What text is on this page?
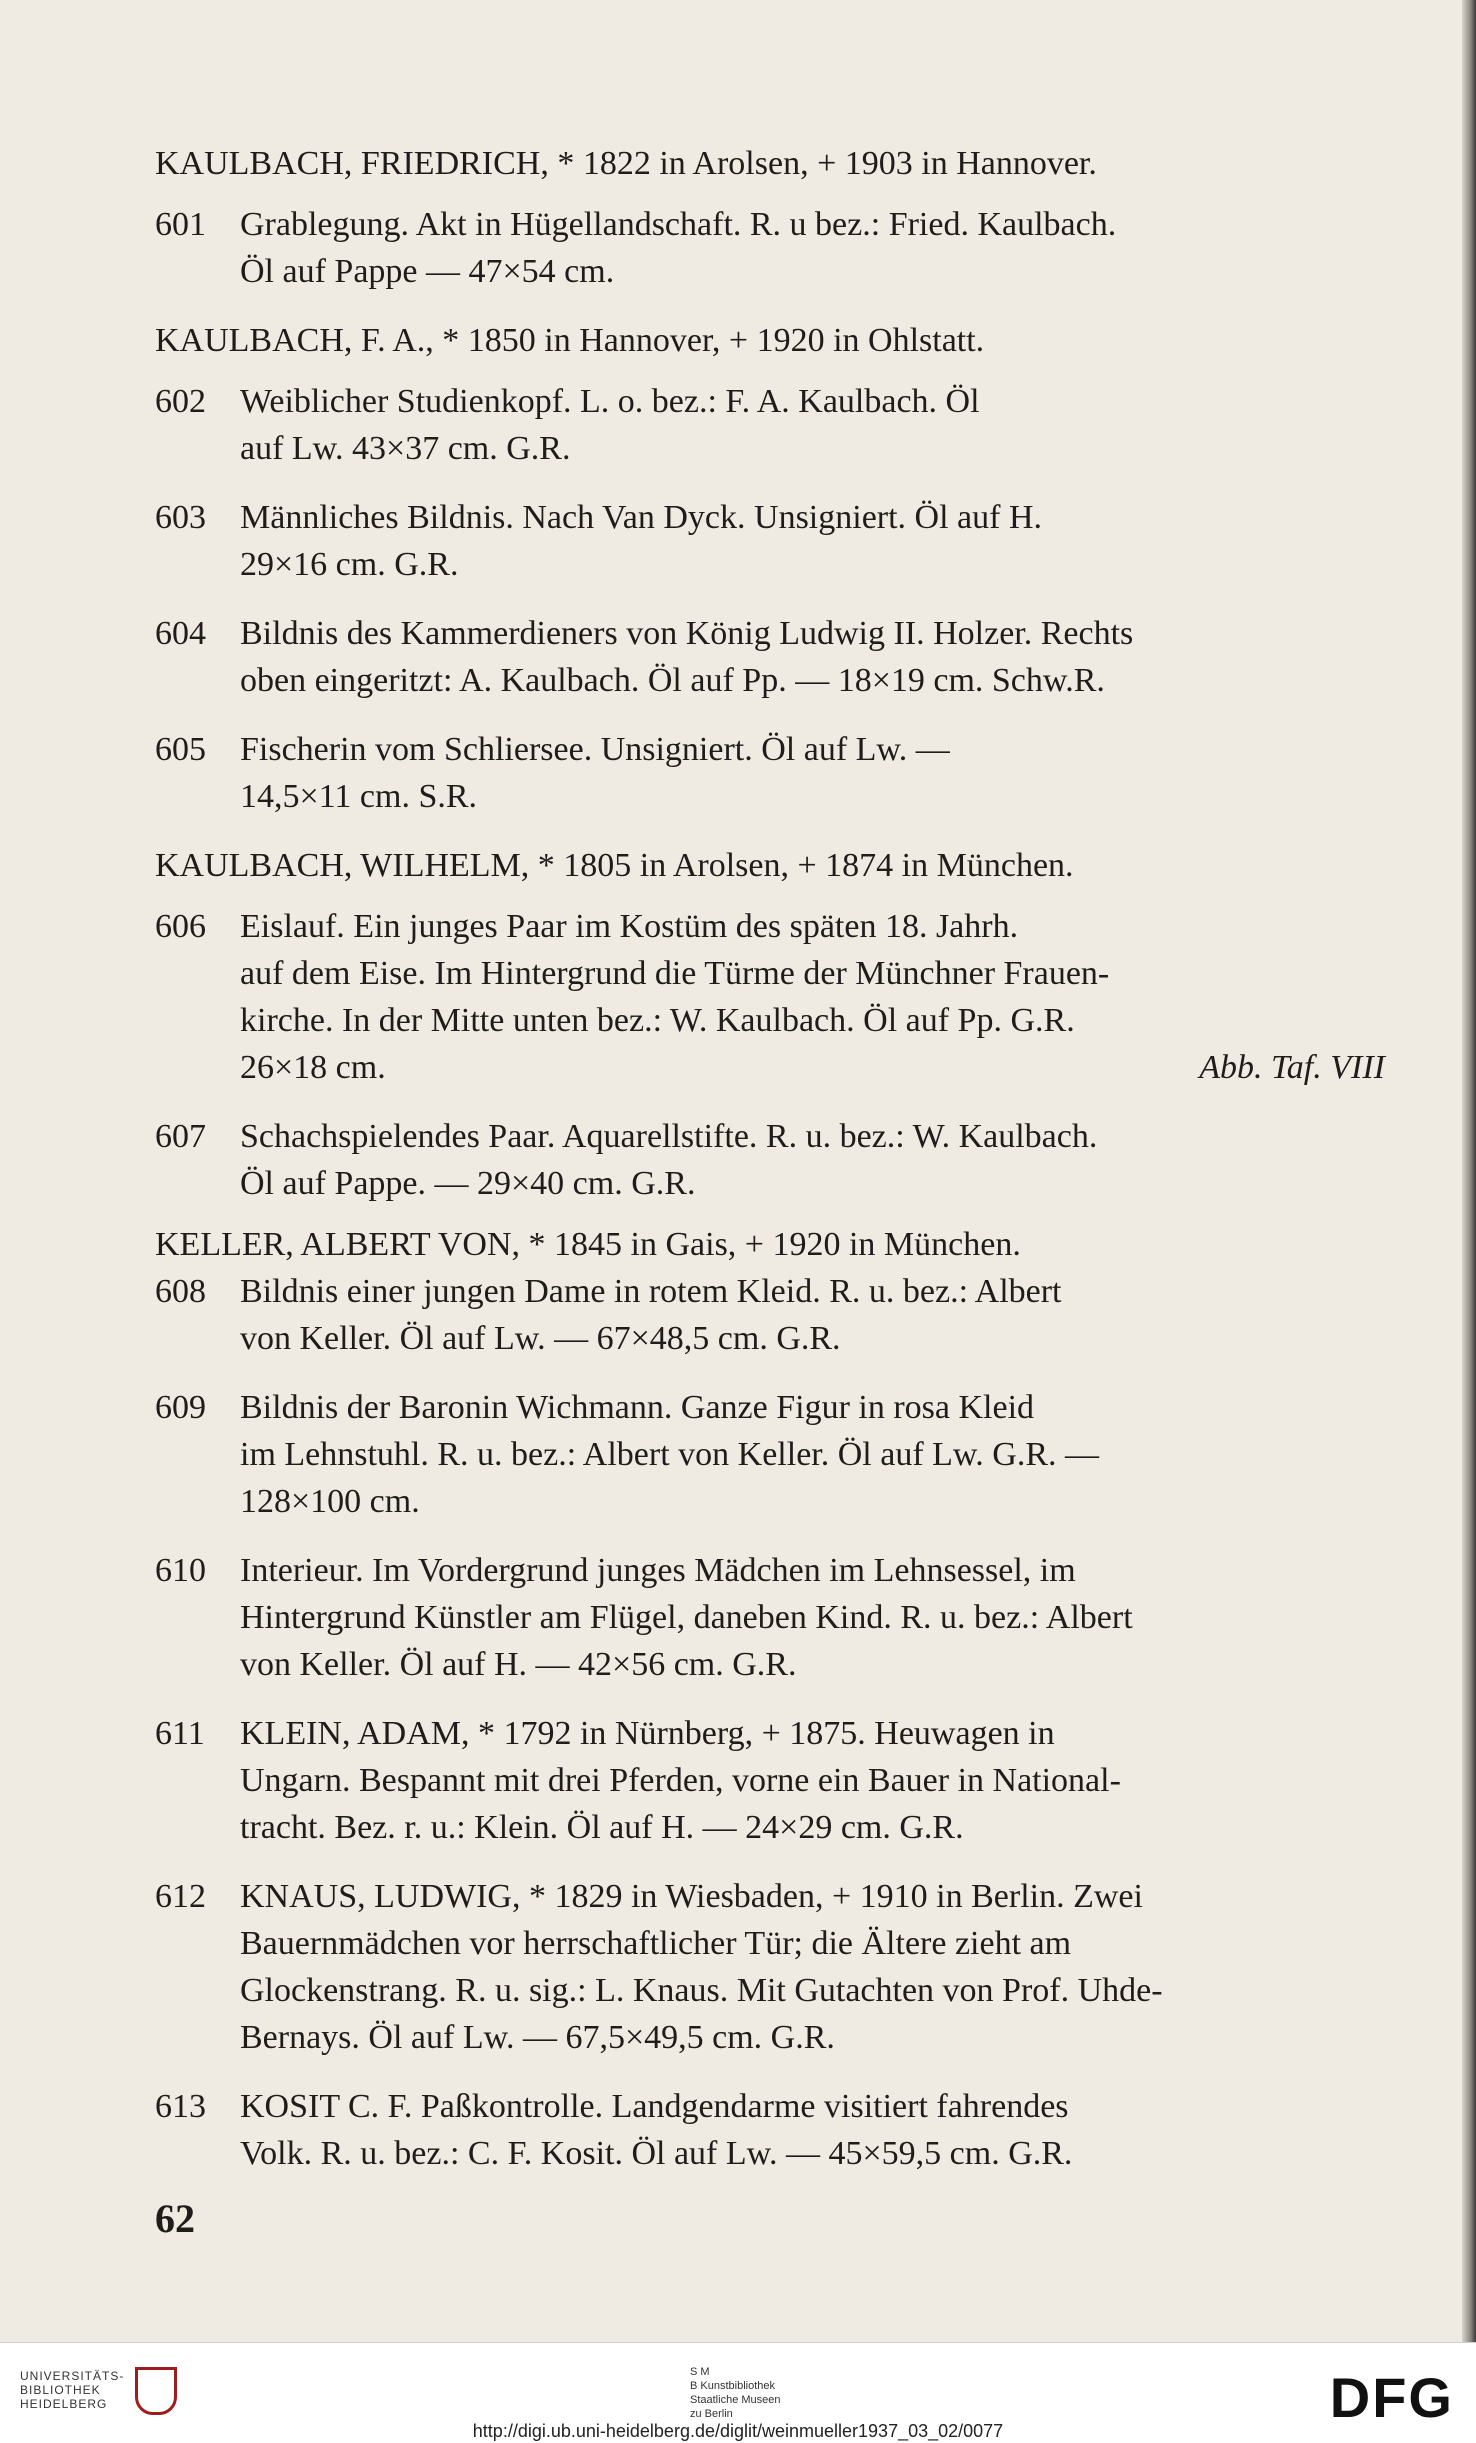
KAULBACH, FRIEDRICH, * 1822 in Arolsen, + 1903 in Hannover.
601	Grablegung. Akt in Hügellandschaft. R. u bez.: Fried. Kaulbach.
Öl auf Pappe — 47×54 cm.
KAULBACH, F. A., * 1850 in Hannover, + 1920 in Ohlstatt.
602	Weiblicher Studienkopf. L. o. bez.: F. A. Kaulbach. Öl
auf Lw. 43×37 cm. G.R.
603	Männliches Bildnis. Nach Van Dyck. Unsigniert. Öl auf H.
29×16 cm. G.R.
604	Bildnis des Kammerdieners von König Ludwig II. Holzer. Rechts
oben eingeritzt: A. Kaulbach. Öl auf Pp. — 18×19 cm. Schw.R.
605	Fischerin vom Schliersee. Unsigniert. Öl auf Lw. —
14,5×11 cm. S.R.
KAULBACH, WILHELM, * 1805 in Arolsen, + 1874 in München.
606	Eislauf. Ein junges Paar im Kostüm des späten 18. Jahrh.
auf dem Eise. Im Hintergrund die Türme der Münchner Frauen-
kirche. In der Mitte unten bez.: W. Kaulbach. Öl auf Pp. G.R.
26×18 cm.	Abb. Taf. VIII
607	Schachspielendes Paar. Aquarellstifte. R. u. bez.: W. Kaulbach.
Öl auf Pappe. — 29×40 cm. G.R.
KELLER, ALBERT VON, * 1845 in Gais, + 1920 in München.
608	Bildnis einer jungen Dame in rotem Kleid. R. u. bez.: Albert
von Keller. Öl auf Lw. — 67×48,5 cm. G.R.
609	Bildnis der Baronin Wichmann. Ganze Figur in rosa Kleid
im Lehnstuhl. R. u. bez.: Albert von Keller. Öl auf Lw. G.R. —
128×100 cm.
610	Interieur. Im Vordergrund junges Mädchen im Lehnsessel, im
Hintergrund Künstler am Flügel, daneben Kind. R. u. bez.: Albert
von Keller. Öl auf H. — 42×56 cm. G.R.
611	KLEIN, ADAM, * 1792 in Nürnberg, + 1875. Heuwagen in
Ungarn. Bespannt mit drei Pferden, vorne ein Bauer in National-
tracht. Bez. r. u.: Klein. Öl auf H. — 24×29 cm. G.R.
612	KNAUS, LUDWIG, * 1829 in Wiesbaden, + 1910 in Berlin. Zwei
Bauernmädchen vor herrschaftlicher Tür; die Ältere zieht am
Glockenstrang. R. u. sig.: L. Knaus. Mit Gutachten von Prof. Uhde-
Bernays. Öl auf Lw. — 67,5×49,5 cm. G.R.
613	KOSIT C. F. Paßkontrolle. Landgendarme visitiert fahrendes
Volk. R. u. bez.: C. F. Kosit. Öl auf Lw. — 45×59,5 cm. G.R.
62
UNIVERSITÄTS-
BIBLIOTHEK
HEIDELBERG
S M
B Kunstbibliothek
Staatliche Museen
zu Berlin	DFG
http://digi.ub.uni-heidelberg.de/diglit/weinmueller1937_03_02/0077
